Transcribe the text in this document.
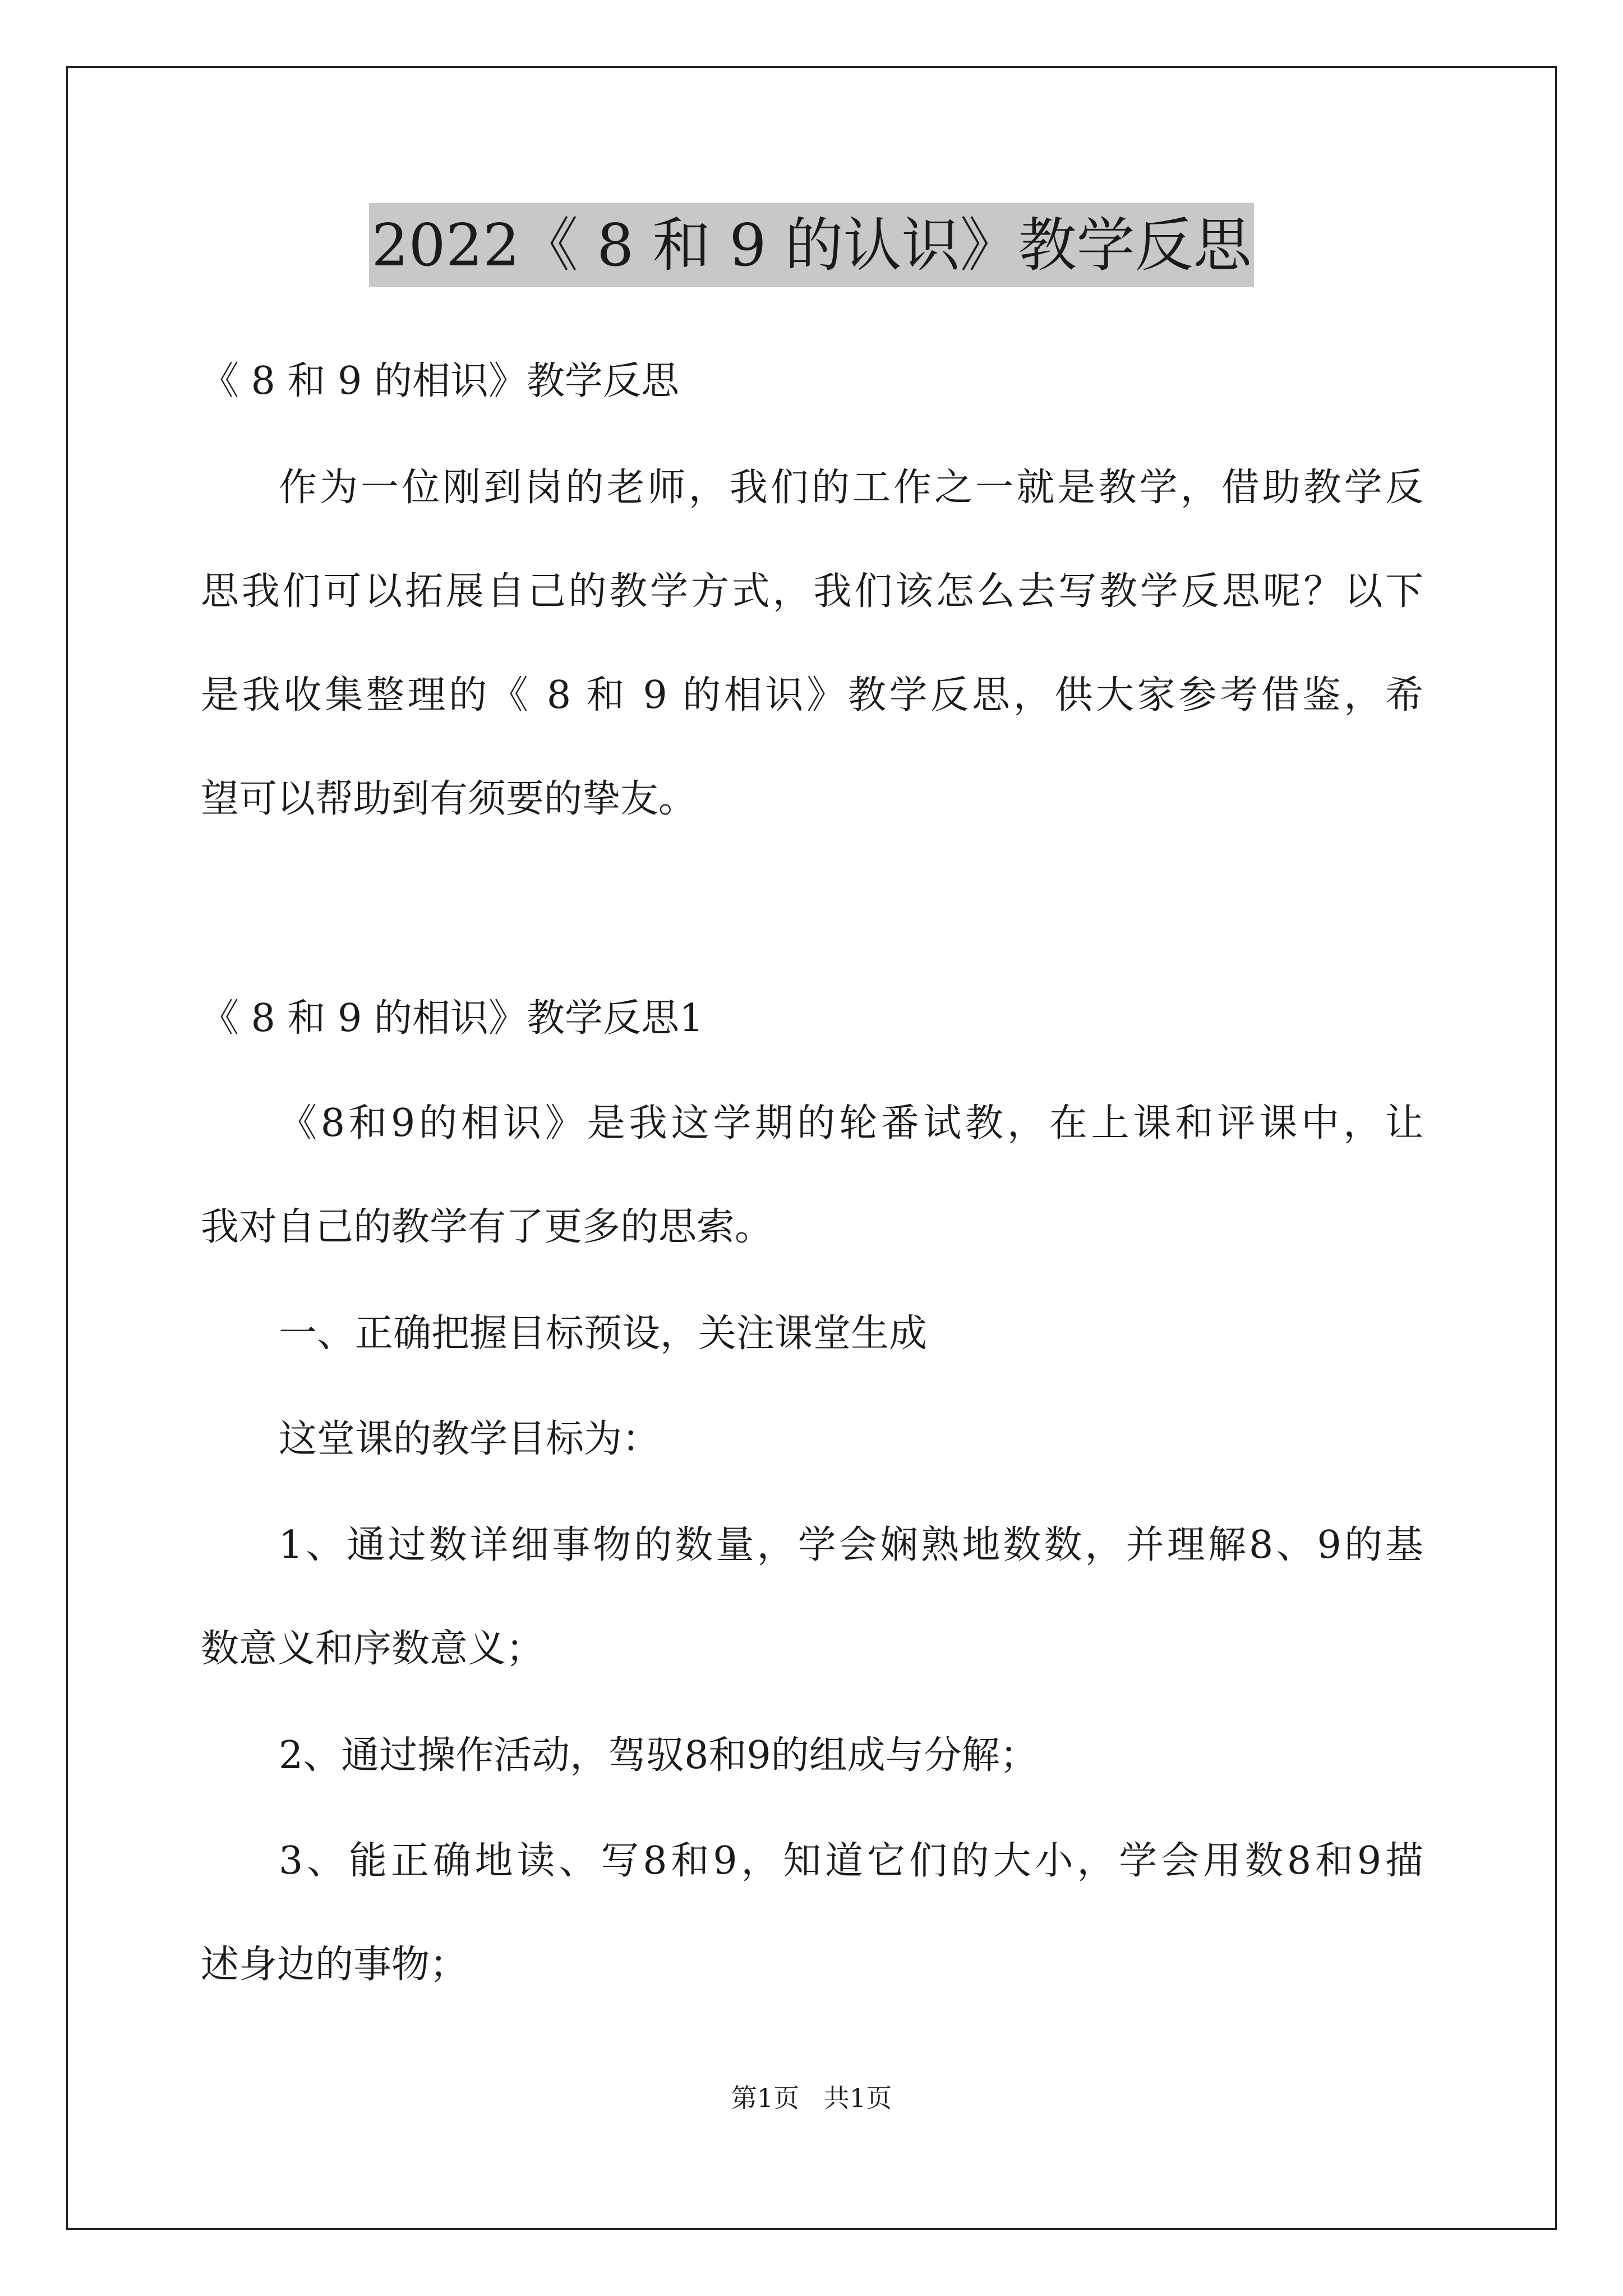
2022《 8 和 9 的认识》教学反思
《 8 和 9 的相识》教学反思
作为一位刚到岗的老师，我们的工作之一就是教学，借助教学反
思我们可以拓展自己的教学方式，我们该怎么去写教学反思呢？以下
是我收集整理的《 8 和 9 的相识》教学反思，供大家参考借鉴，希
望可以帮助到有须要的挚友。
《 8 和 9 的相识》教学反思1
《8和9的相识》是我这学期的轮番试教，在上课和评课中，让
我对自己的教学有了更多的思索。
一、正确把握目标预设，关注课堂生成
这堂课的教学目标为：
1、通过数详细事物的数量，学会娴熟地数数，并理解8、9的基
数意义和序数意义；
2、通过操作活动，驾驭8和9的组成与分解；
3、能正确地读、写8和9，知道它们的大小，学会用数8和9描
述身边的事物；
第1页   共1页
